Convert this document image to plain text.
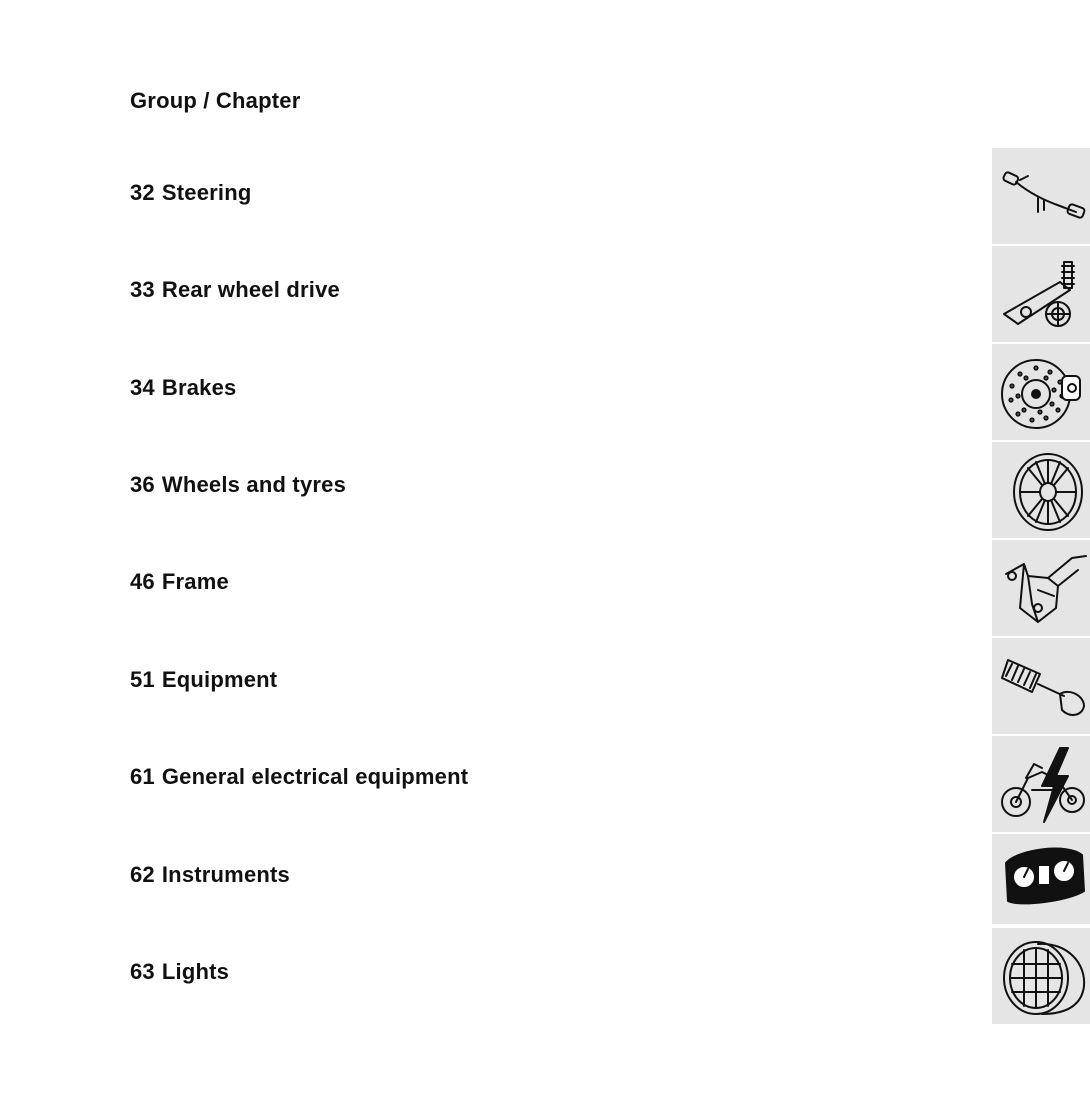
Group / Chapter
32 Steering
33 Rear wheel drive
34 Brakes
36 Wheels and tyres
46 Frame
51 Equipment
61 General electrical equipment
62 Instruments
63 Lights
